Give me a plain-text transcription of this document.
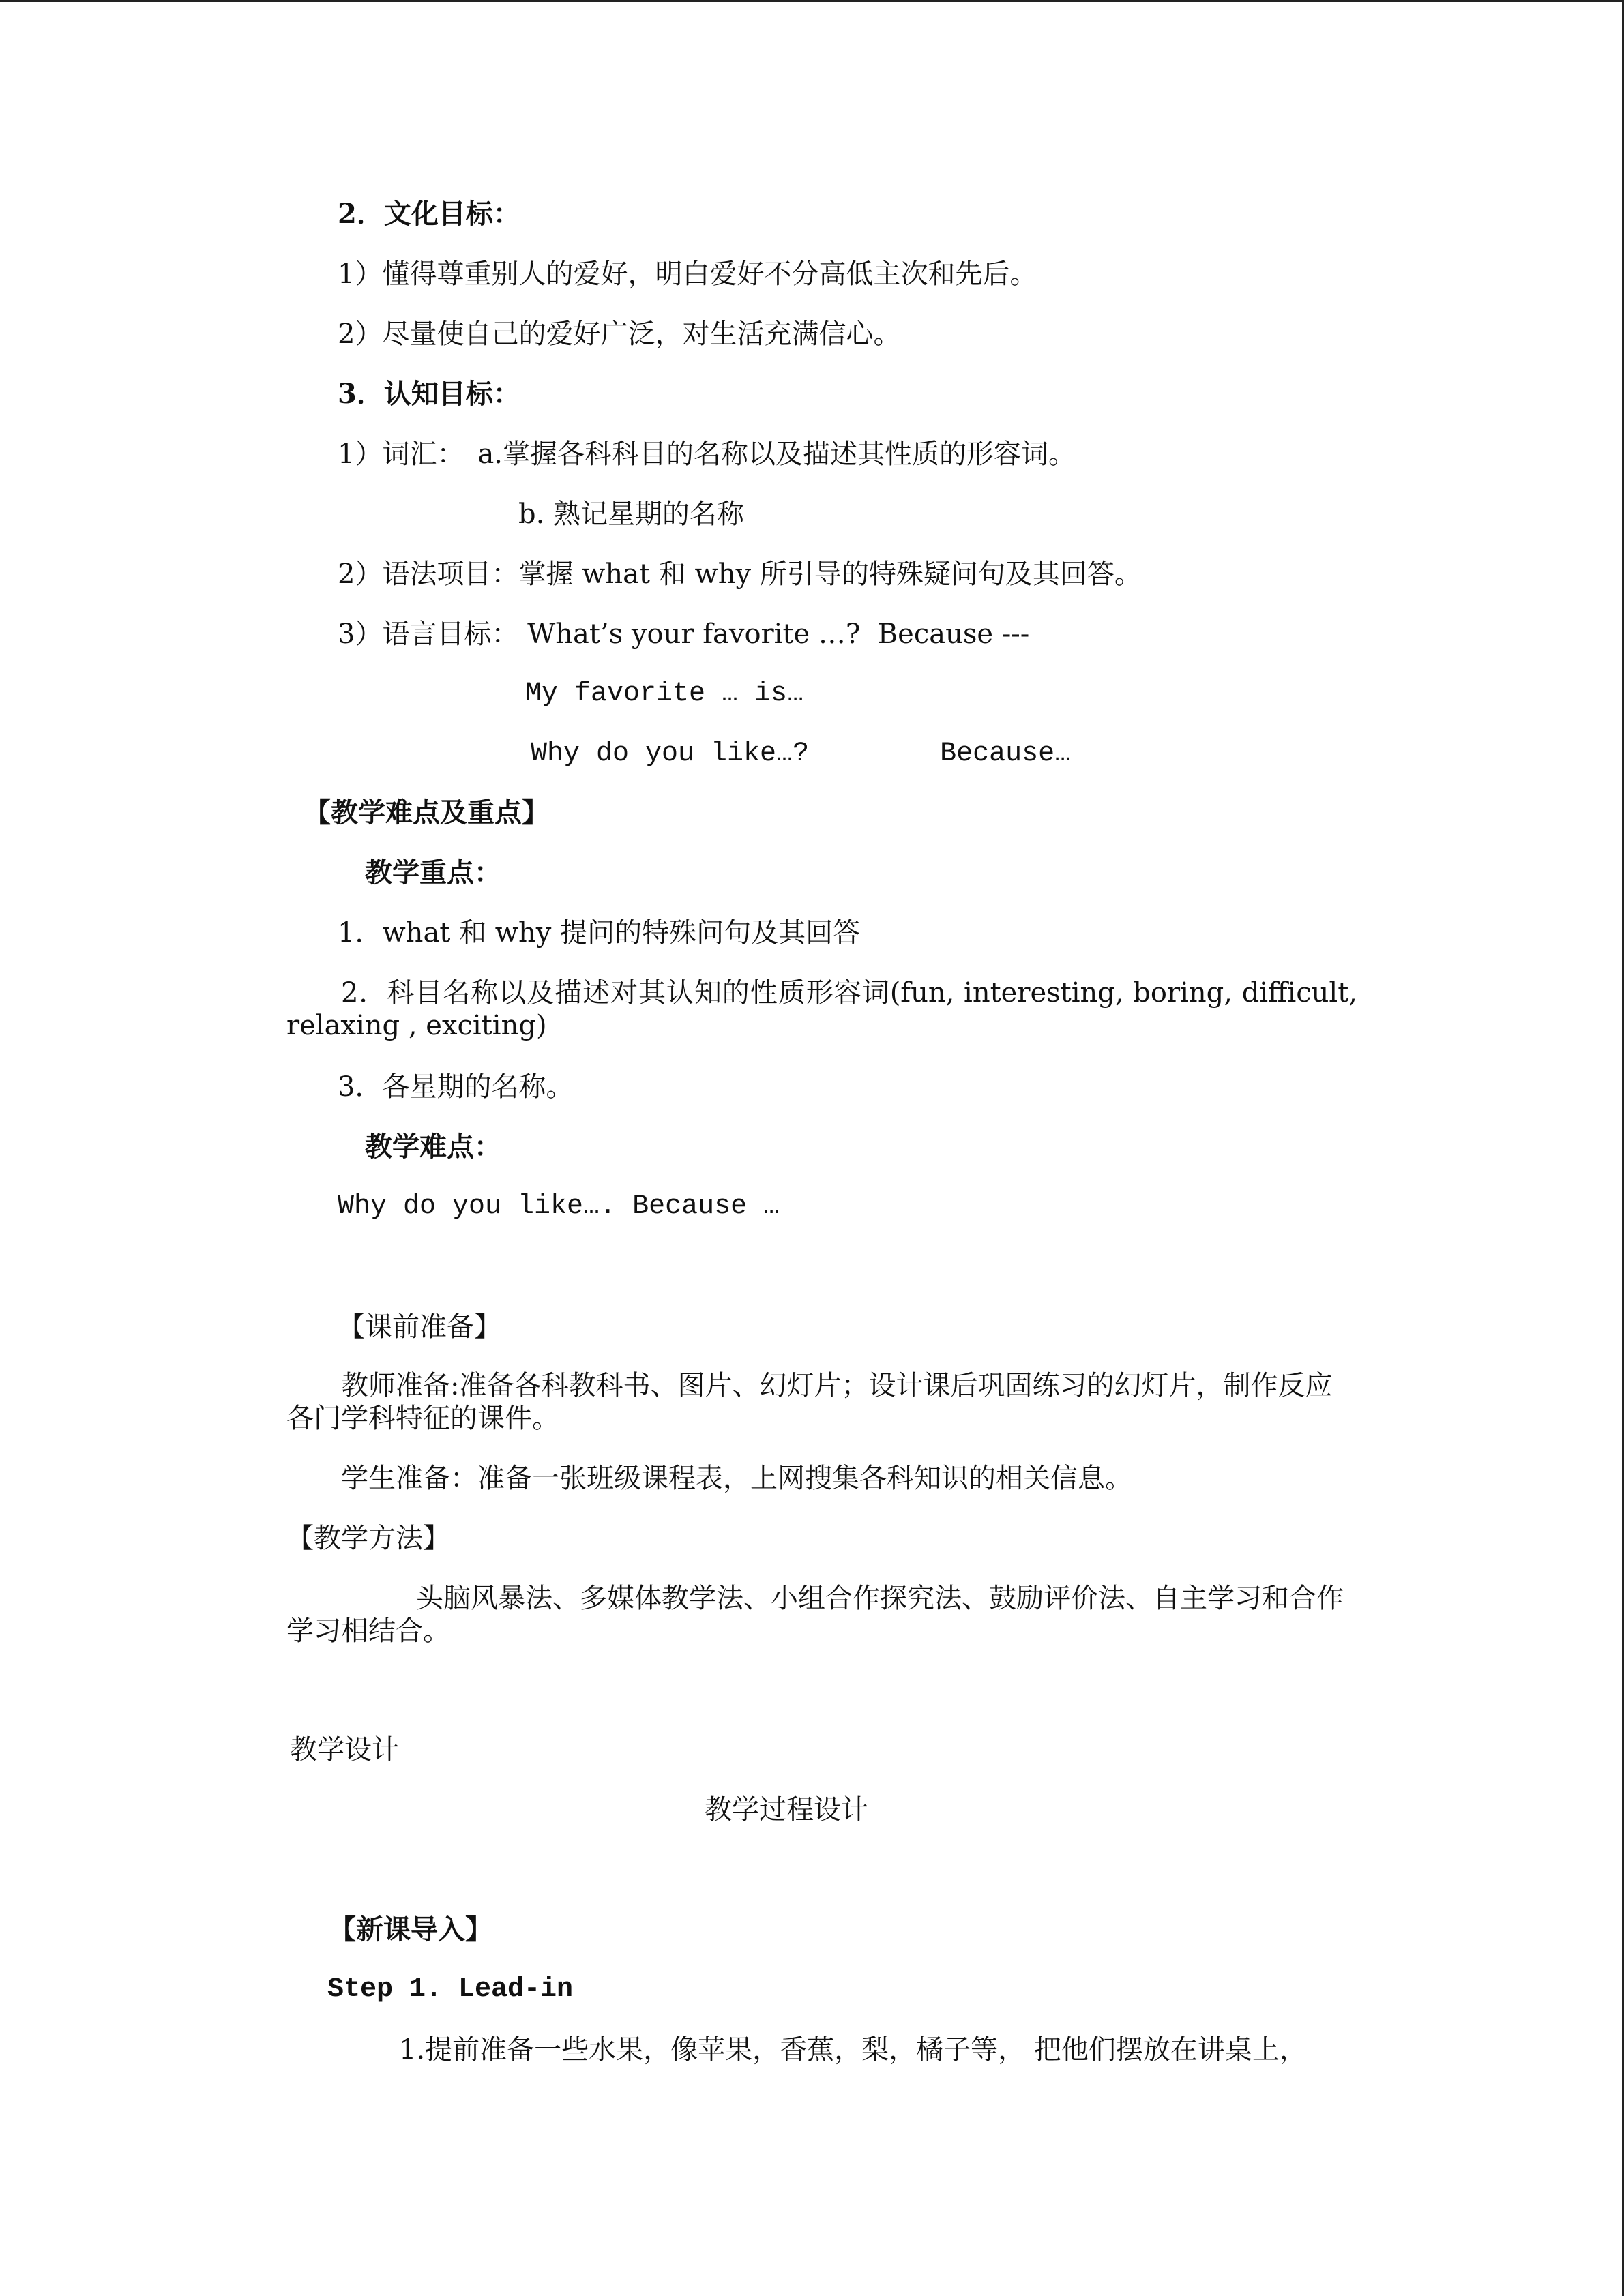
2．文化目标：
1）懂得尊重别人的爱好，明白爱好不分高低主次和先后。
2）尽量使自己的爱好广泛，对生活充满信心。
3．认知目标：
1）词汇：　a.掌握各科科目的名称以及描述其性质的形容词。
b. 熟记星期的名称
2）语法项目：掌握 what 和 why 所引导的特殊疑问句及其回答。
3）语言目标： What’s your favorite …?  Because ---
My favorite … is…
Why do you like…?        Because…
【教学难点及重点】
教学重点：
1．what 和 why 提问的特殊问句及其回答
2．科目名称以及描述对其认知的性质形容词(fun, interesting, boring, difficult, relaxing , exciting)
3．各星期的名称。
教学难点：
Why do you like…. Because …
【课前准备】
教师准备:准备各科教科书、图片、幻灯片；设计课后巩固练习的幻灯片，制作反应各门学科特征的课件。
学生准备：准备一张班级课程表，上网搜集各科知识的相关信息。
【教学方法】
头脑风暴法、多媒体教学法、小组合作探究法、鼓励评价法、自主学习和合作学习相结合。
教学设计
教学过程设计
【新课导入】
Step 1. Lead-in
1.提前准备一些水果，像苹果，香蕉，梨，橘子等， 把他们摆放在讲桌上，
